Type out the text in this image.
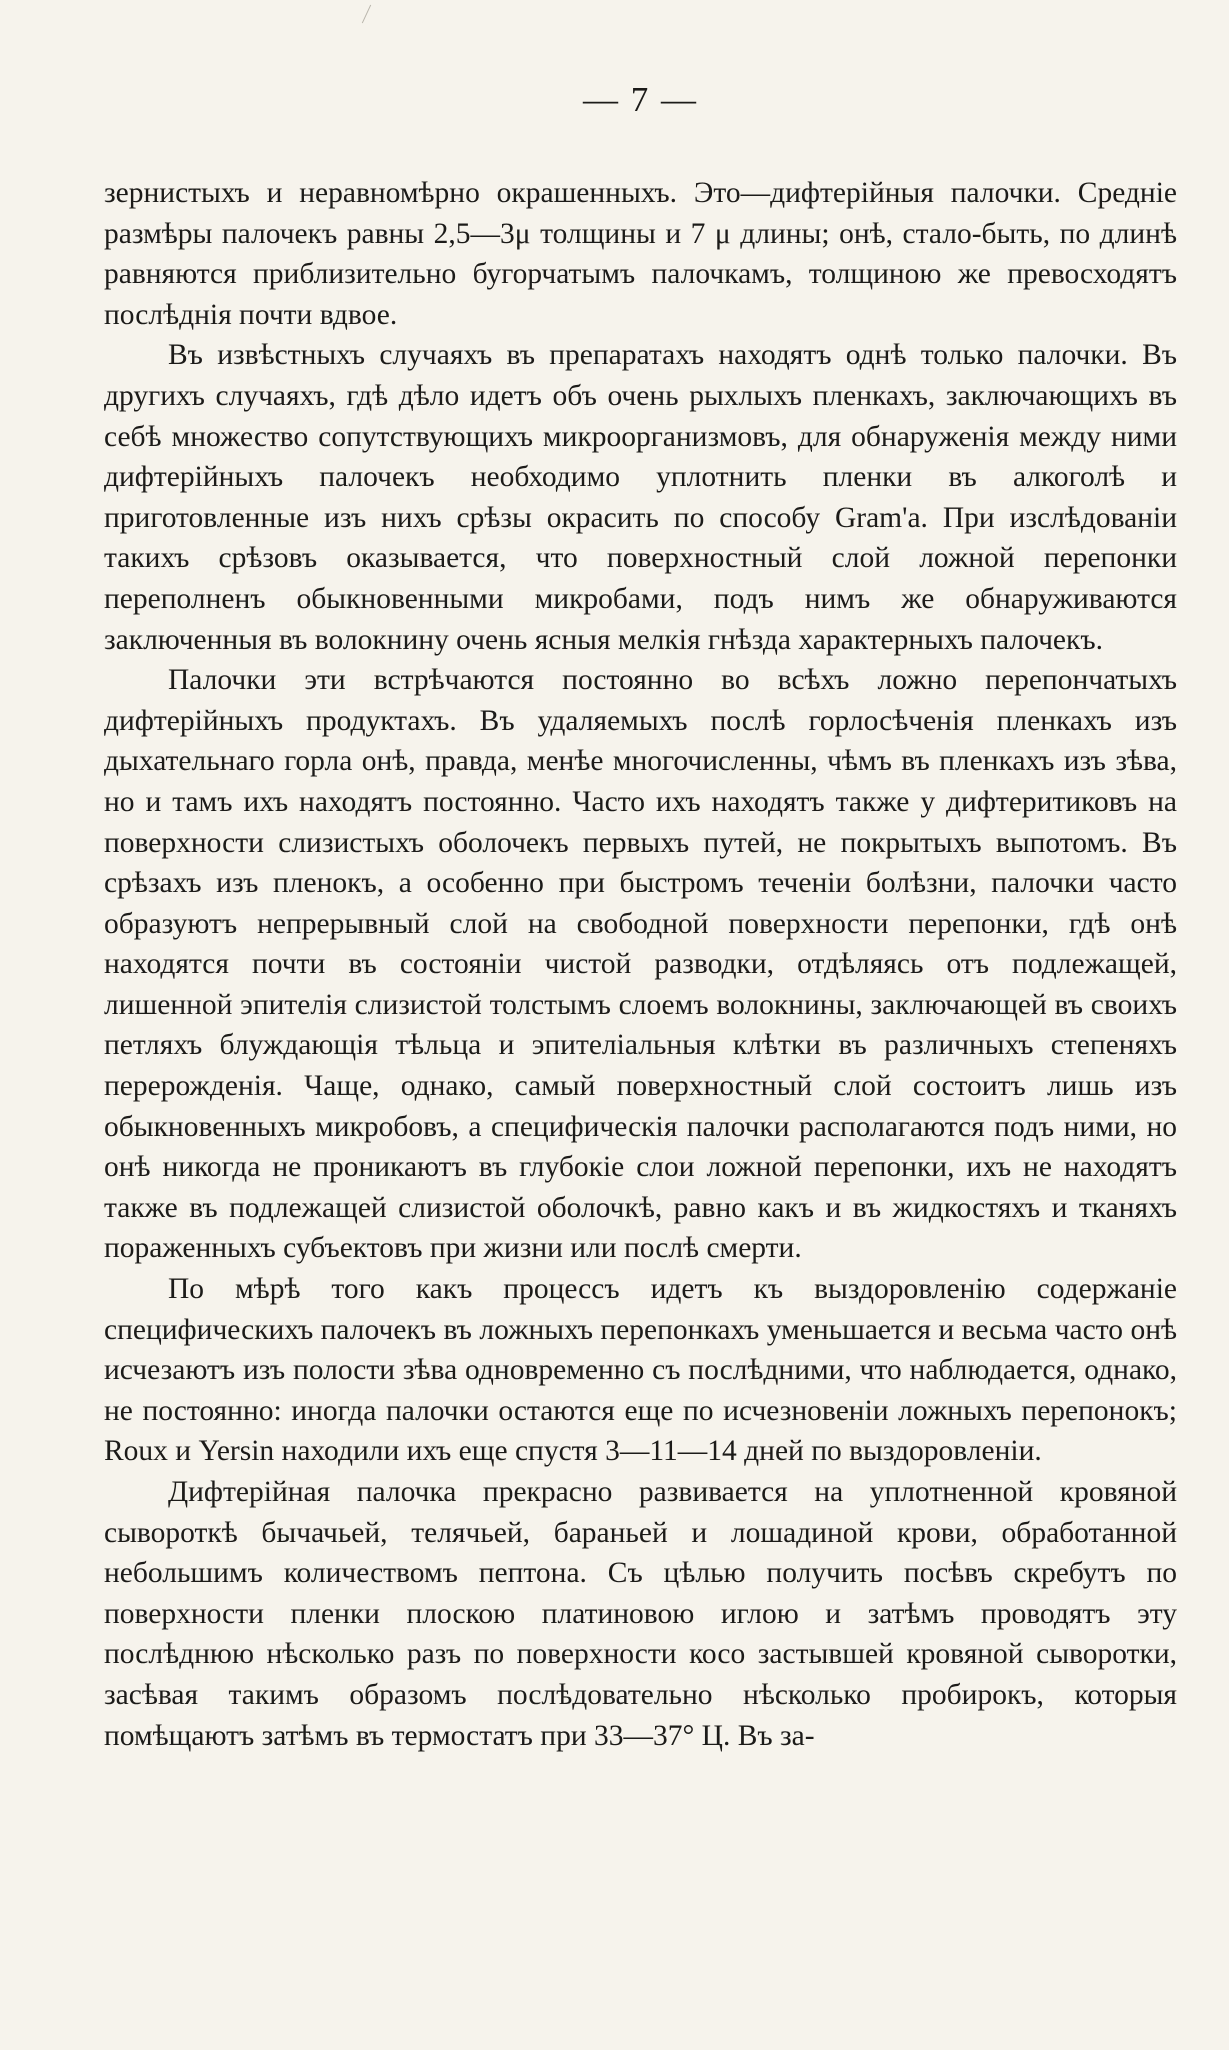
— 7 —

зернистыхъ и неравномѣрно окрашенныхъ. Это—дифтерійныя палочки. Средніе размѣры палочекъ равны 2,5—3μ толщины и 7 μ длины; онѣ, стало-быть, по длинѣ равняются приблизительно бугорчатымъ палочкамъ, толщиною же превосходятъ послѣднія почти вдвое.

Въ извѣстныхъ случаяхъ въ препаратахъ находятъ однѣ только палочки. Въ другихъ случаяхъ, гдѣ дѣло идетъ объ очень рыхлыхъ пленкахъ, заключающихъ въ себѣ множество сопутствующихъ микроорганизмовъ, для обнаруженія между ними дифтерійныхъ палочекъ необходимо уплотнить пленки въ алкоголѣ и приготовленные изъ нихъ срѣзы окрасить по способу Gram'а. При изслѣдованіи такихъ срѣзовъ оказывается, что поверхностный слой ложной перепонки переполненъ обыкновенными микробами, подъ нимъ же обнаруживаются заключенныя въ волокнину очень ясныя мелкія гнѣзда характерныхъ палочекъ.

Палочки эти встрѣчаются постоянно во всѣхъ ложно перепончатыхъ дифтерійныхъ продуктахъ. Въ удаляемыхъ послѣ горлосѣченія пленкахъ изъ дыхательнаго горла онѣ, правда, менѣе многочисленны, чѣмъ въ пленкахъ изъ зѣва, но и тамъ ихъ находятъ постоянно. Часто ихъ находятъ также у дифтеритиковъ на поверхности слизистыхъ оболочекъ первыхъ путей, не покрытыхъ выпотомъ. Въ срѣзахъ изъ пленокъ, а особенно при быстромъ теченіи болѣзни, палочки часто образуютъ непрерывный слой на свободной поверхности перепонки, гдѣ онѣ находятся почти въ состояніи чистой разводки, отдѣляясь отъ подлежащей, лишенной эпителія слизистой толстымъ слоемъ волокнины, заключающей въ своихъ петляхъ блуждающія тѣльца и эпителіальныя клѣтки въ различныхъ степеняхъ перерожденія. Чаще, однако, самый поверхностный слой состоитъ лишь изъ обыкновенныхъ микробовъ, а специфическія палочки располагаются подъ ними, но онѣ никогда не проникаютъ въ глубокіе слои ложной перепонки, ихъ не находятъ также въ подлежащей слизистой оболочкѣ, равно какъ и въ жидкостяхъ и тканяхъ пораженныхъ субъектовъ при жизни или послѣ смерти.

По мѣрѣ того какъ процессъ идетъ къ выздоровленію содержаніе специфическихъ палочекъ въ ложныхъ перепонкахъ уменьшается и весьма часто онѣ исчезаютъ изъ полости зѣва одновременно съ послѣдними, что наблюдается, однако, не постоянно: иногда палочки остаются еще по исчезновеніи ложныхъ перепонокъ; Roux и Yersin находили ихъ еще спустя 3—11—14 дней по выздоровленіи.

Дифтерійная палочка прекрасно развивается на уплотненной кровяной сывороткѣ бычачьей, телячьей, бараньей и лошадиной крови, обработанной небольшимъ количествомъ пептона. Съ цѣлью получить посѣвъ скребутъ по поверхности пленки плоскою платиновою иглою и затѣмъ проводятъ эту послѣднюю нѣсколько разъ по поверхности косо застывшей кровяной сыворотки, засѣвая такимъ образомъ послѣдовательно нѣсколько пробирокъ, которыя помѣщаютъ затѣмъ въ термостатъ при 33—37° Ц. Въ за-
